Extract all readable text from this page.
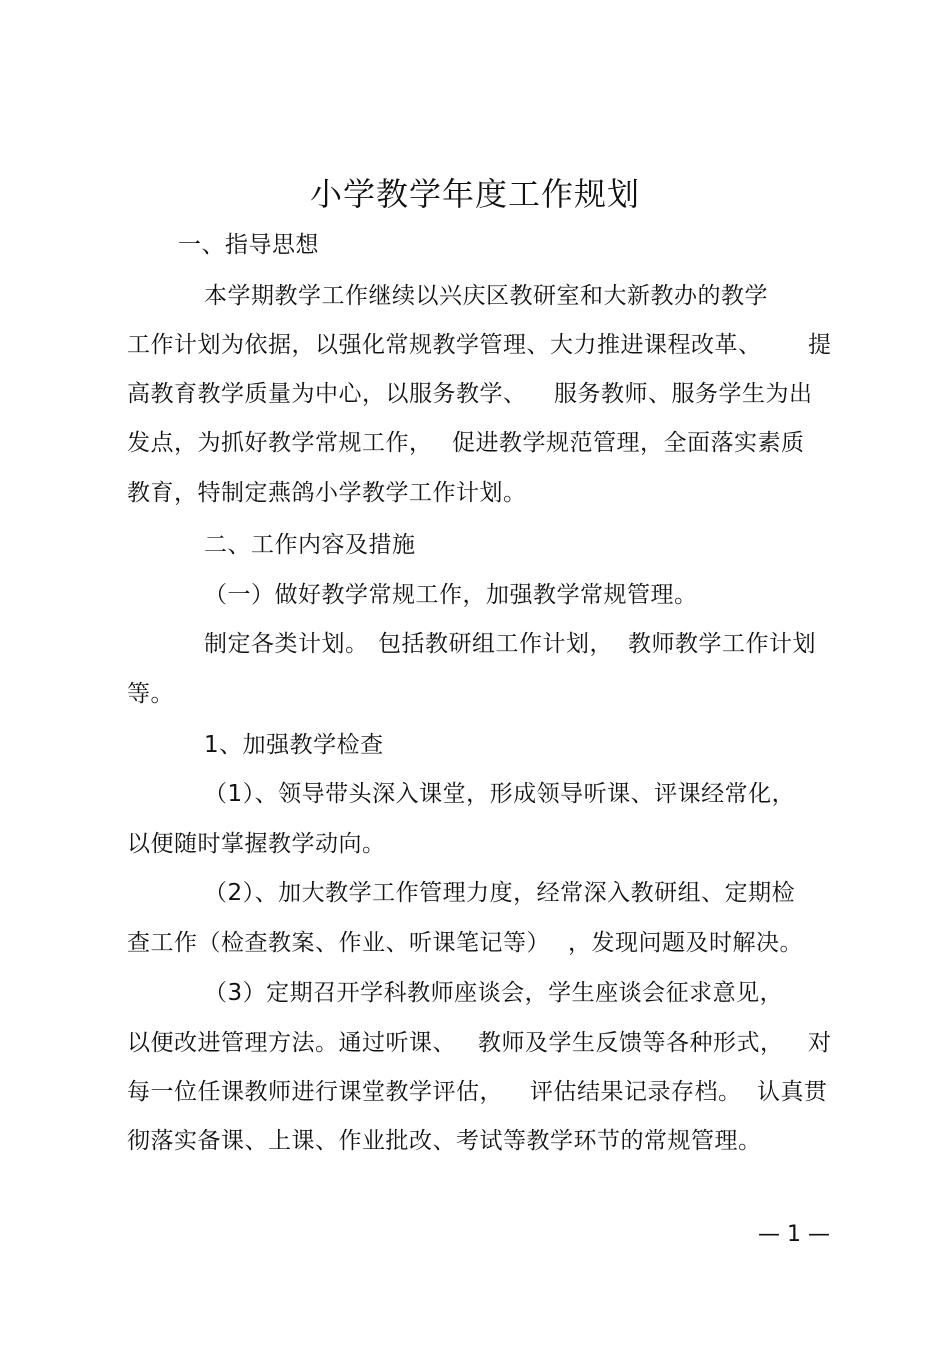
小学教学年度工作规划
一、指导思想
本学期教学工作继续以兴庆区教研室和大新教办的教学
工作计划为依据，以强化常规教学管理、大力推进课程改革、 提
高教育教学质量为中心，以服务教学、 服务教师、服务学生为出
发点，为抓好教学常规工作， 促进教学规范管理，全面落实素质
教育，特制定燕鸽小学教学工作计划。
二、工作内容及措施
（一）做好教学常规工作，加强教学常规管理。
制定各类计划。 包括教研组工作计划， 教师教学工作计划
等。
1、加强教学检查
（1）、领导带头深入课堂，形成领导听课、评课经常化，
以便随时掌握教学动向。
（2）、加大教学工作管理力度，经常深入教研组、定期检
查工作（检查教案、作业、听课笔记等） ，发现问题及时解决。
（3）定期召开学科教师座谈会，学生座谈会征求意见，
以便改进管理方法。通过听课、 教师及学生反馈等各种形式， 对
每一位任课教师进行课堂教学评估， 评估结果记录存档。 认真贯
彻落实备课、上课、作业批改、考试等教学环节的常规管理。
— 1 —
